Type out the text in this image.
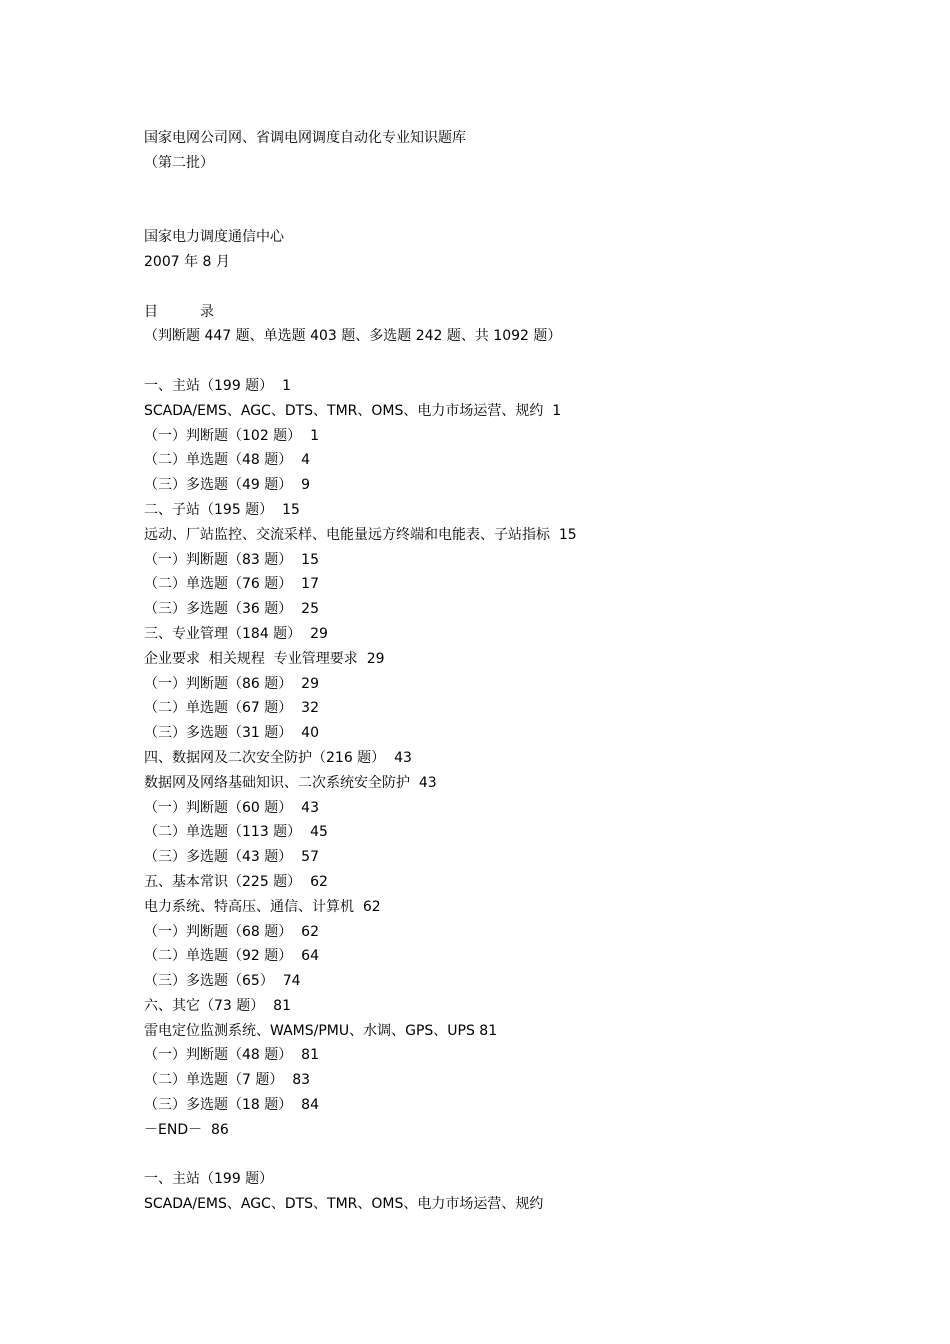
国家电网公司网、省调电网调度自动化专业知识题库
（第二批）
国家电力调度通信中心
2007 年 8 月
目　　　录
（判断题 447 题、单选题 403 题、多选题 242 题、共 1092 题）
一、主站（199 题）  1
SCADA/EMS、AGC、DTS、TMR、OMS、电力市场运营、规约  1
（一）判断题（102 题）  1
（二）单选题（48 题）  4
（三）多选题（49 题）  9
二、子站（195 题）  15
远动、厂站监控、交流采样、电能量远方终端和电能表、子站指标  15
（一）判断题（83 题）  15
（二）单选题（76 题）  17
（三）多选题（36 题）  25
三、专业管理（184 题）  29
企业要求  相关规程  专业管理要求  29
（一）判断题（86 题）  29
（二）单选题（67 题）  32
（三）多选题（31 题）  40
四、数据网及二次安全防护（216 题）  43
数据网及网络基础知识、二次系统安全防护  43
（一）判断题（60 题）  43
（二）单选题（113 题）  45
（三）多选题（43 题）  57
五、基本常识（225 题）  62
电力系统、特高压、通信、计算机  62
（一）判断题（68 题）  62
（二）单选题（92 题）  64
（三）多选题（65）  74
六、其它（73 题）  81
雷电定位监测系统、WAMS/PMU、水调、GPS、UPS 81
（一）判断题（48 题）  81
（二）单选题（7 题）  83
（三）多选题（18 题）  84
－END－  86
一、主站（199 题）
SCADA/EMS、AGC、DTS、TMR、OMS、电力市场运营、规约
